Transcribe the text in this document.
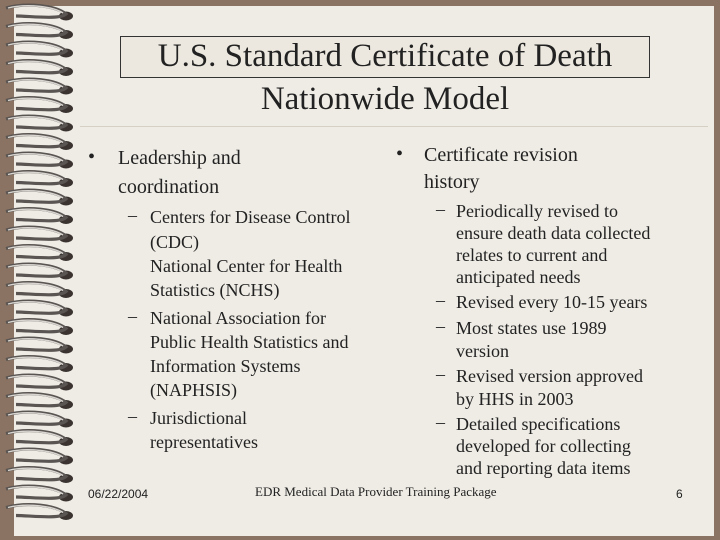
U.S. Standard Certificate of Death
Nationwide Model
• Leadership and
coordination
– Centers for Disease Control
(CDC)
National Center for Health
Statistics (NCHS)
– National Association for
Public Health Statistics and
Information Systems
(NAPHSIS)
– Jurisdictional
representatives
• Certificate revision
history
– Periodically revised to
ensure death data collected
relates to current and
anticipated needs
– Revised every 10-15 years
– Most states use 1989
version
– Revised version approved
by HHS in 2003
– Detailed specifications
developed for collecting
and reporting data items
06/22/2004	EDR Medical Data Provider Training Package	6
